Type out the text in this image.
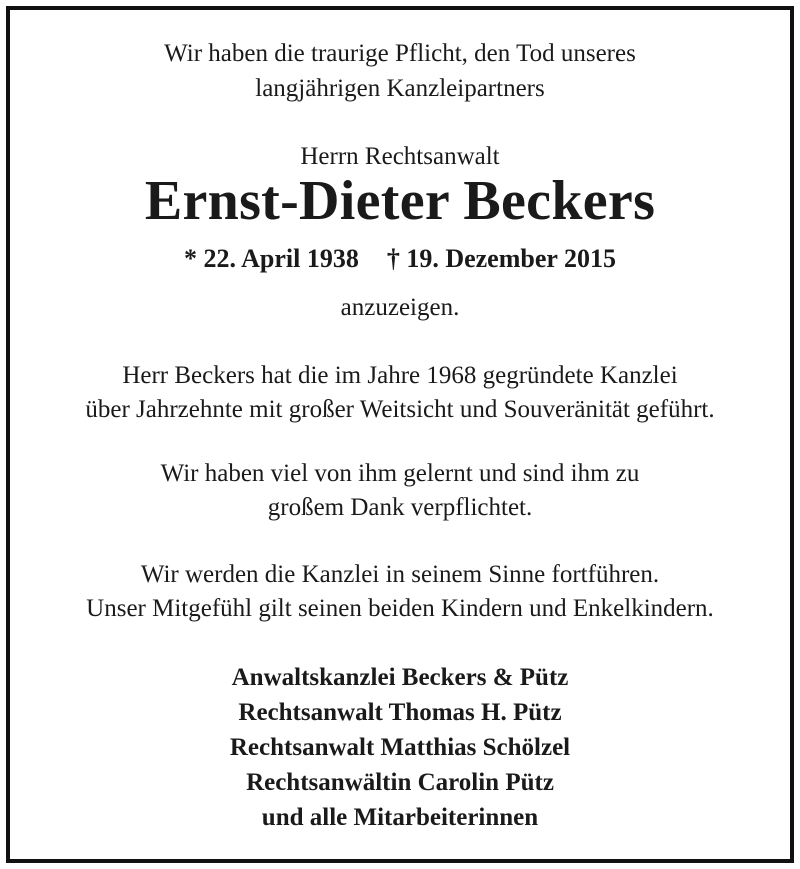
Wir haben die traurige Pflicht, den Tod unseres
langjährigen Kanzleipartners
Herrn Rechtsanwalt
Ernst-Dieter Beckers
* 22. April 1938 † 19. Dezember 2015
anzuzeigen.
Herr Beckers hat die im Jahre 1968 gegründete Kanzlei
über Jahrzehnte mit großer Weitsicht und Souveränität geführt.
Wir haben viel von ihm gelernt und sind ihm zu
großem Dank verpflichtet.
Wir werden die Kanzlei in seinem Sinne fortführen.
Unser Mitgefühl gilt seinen beiden Kindern und Enkelkindern.
Anwaltskanzlei Beckers & Pütz
Rechtsanwalt Thomas H. Pütz
Rechtsanwalt Matthias Schölzel
Rechtsanwältin Carolin Pütz
und alle Mitarbeiterinnen
